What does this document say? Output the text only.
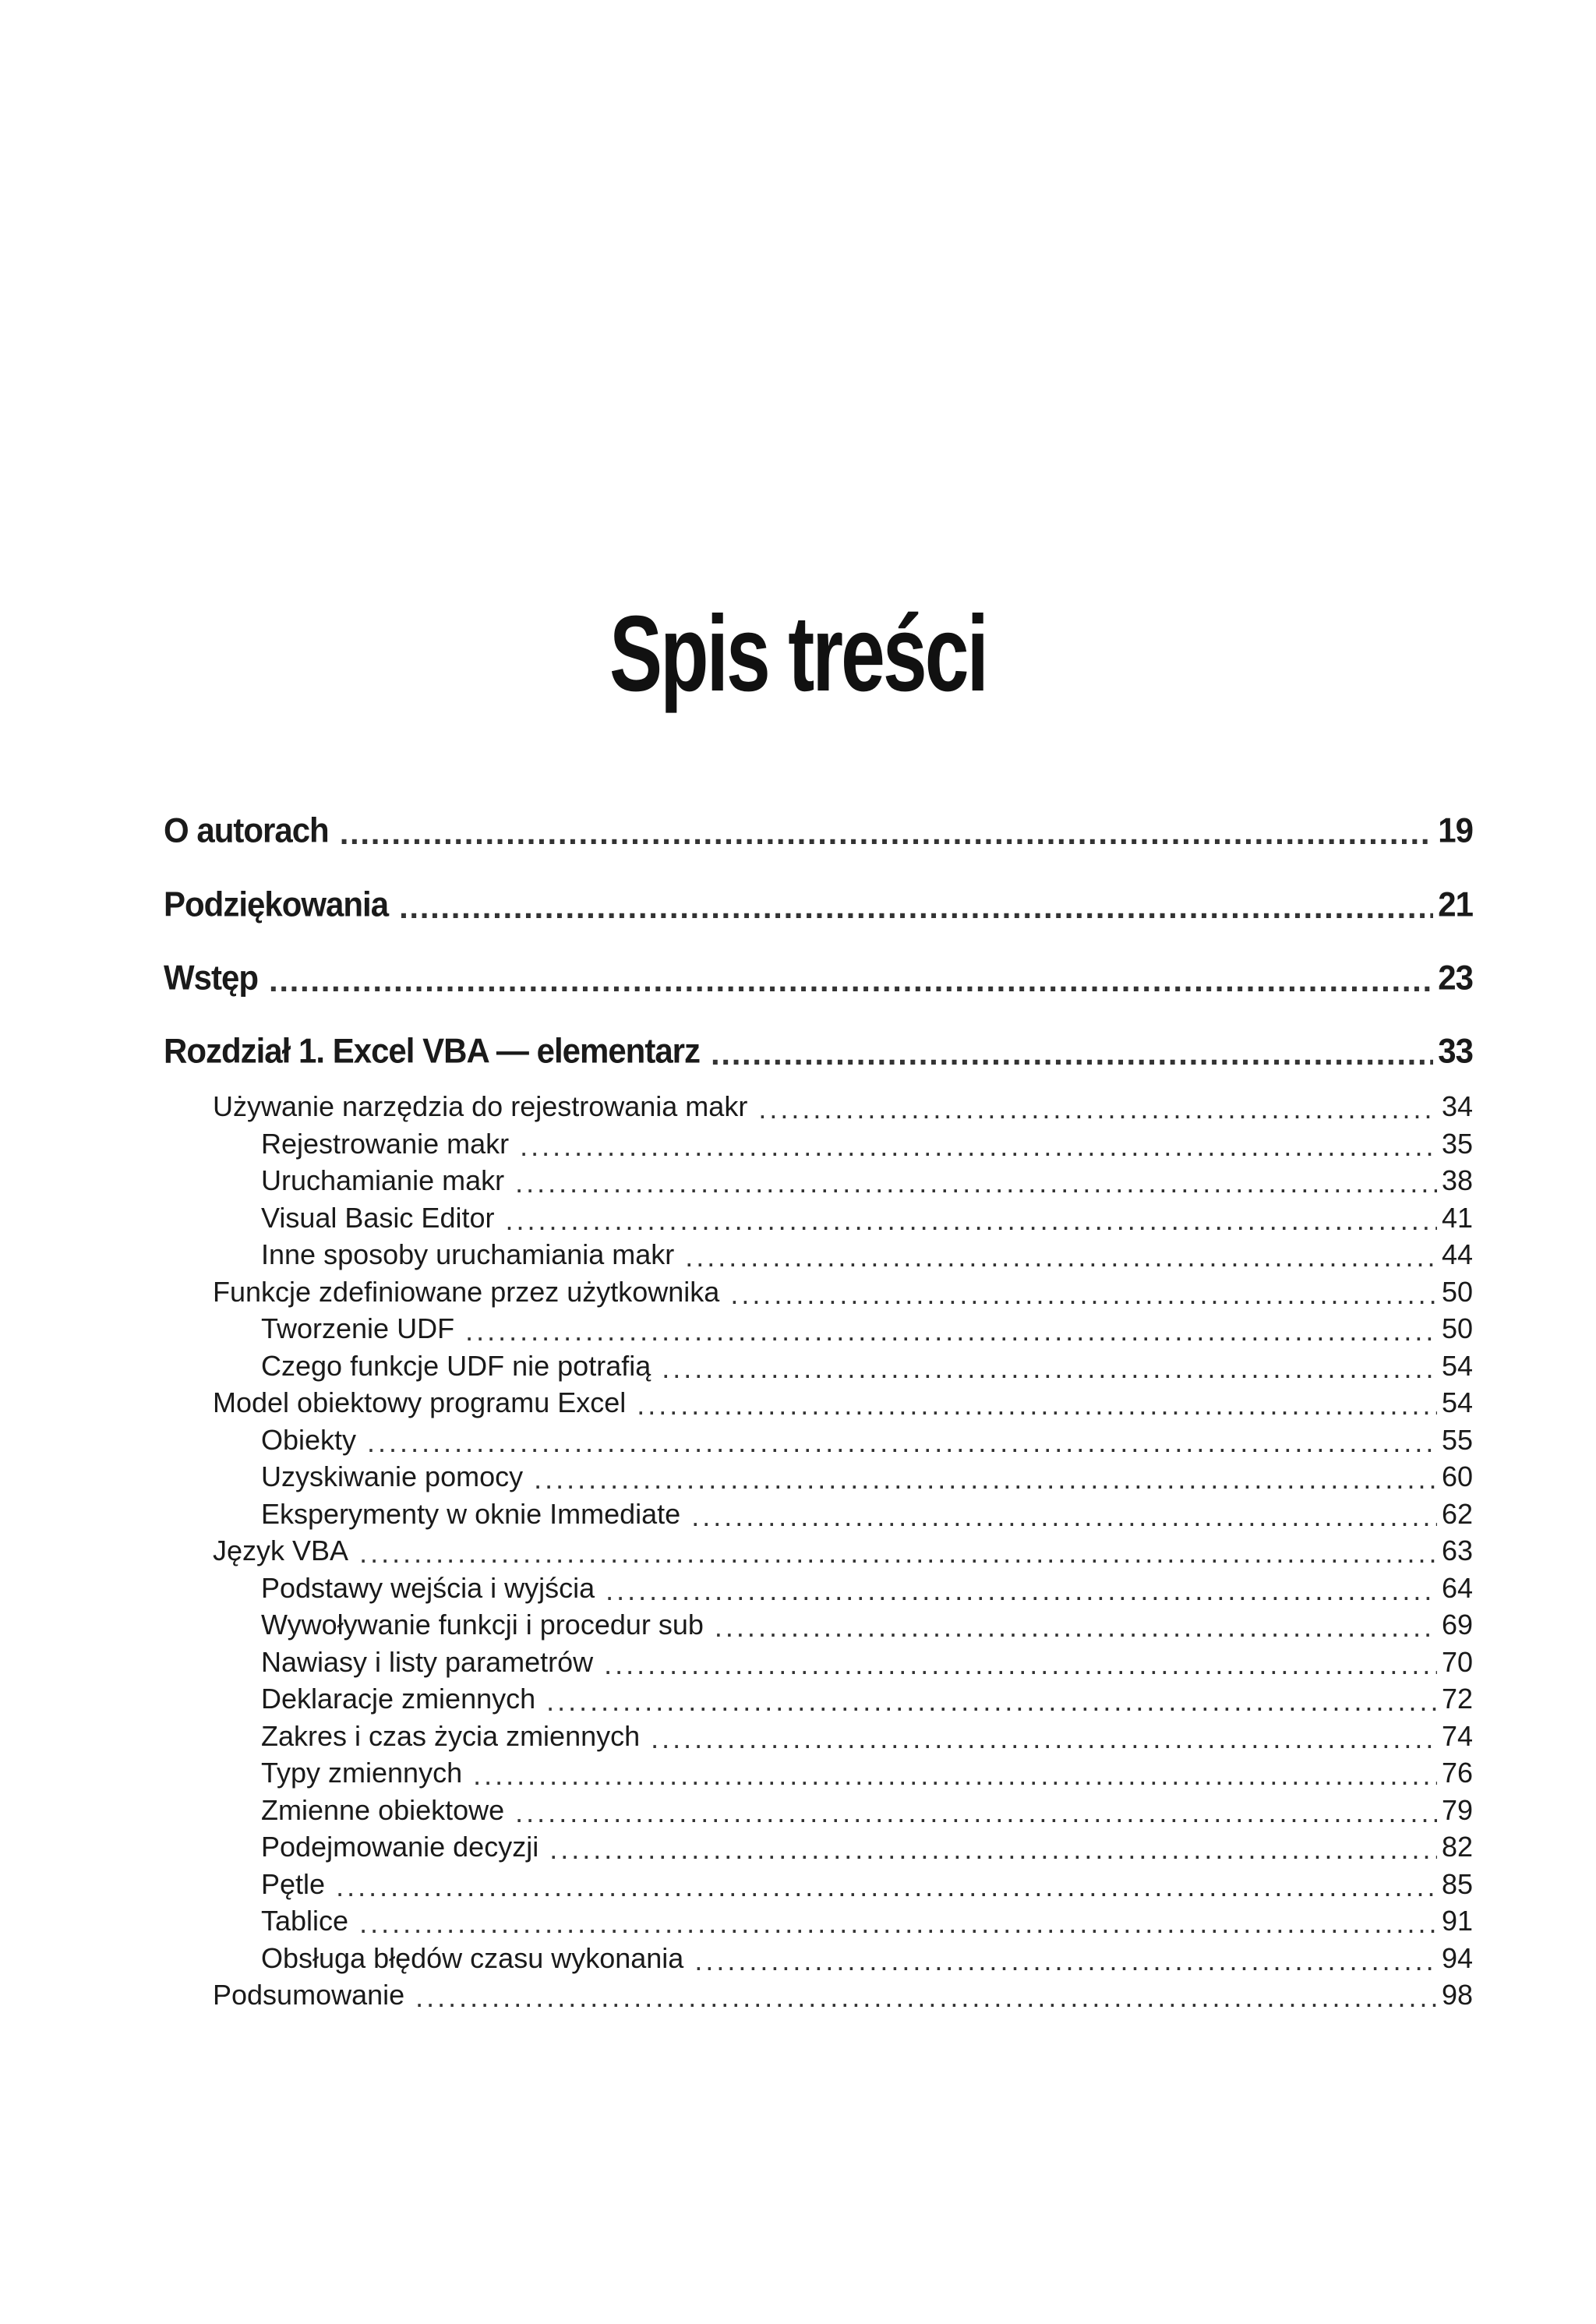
Spis treści
O autorach . . .	19
Podziękowania . . .	21
Wstęp . . .	23
Rozdział 1. Excel VBA — elementarz . . .	33
Używanie narzędzia do rejestrowania makr . . .	34
Rejestrowanie makr . . .	35
Uruchamianie makr . . .	38
Visual Basic Editor . . .	41
Inne sposoby uruchamiania makr . . .	44
Funkcje zdefiniowane przez użytkownika . . .	50
Tworzenie UDF . . .	50
Czego funkcje UDF nie potrafią . . .	54
Model obiektowy programu Excel . . .	54
Obiekty . . .	55
Uzyskiwanie pomocy . . .	60
Eksperymenty w oknie Immediate . . .	62
Język VBA . . .	63
Podstawy wejścia i wyjścia . . .	64
Wywoływanie funkcji i procedur sub . . .	69
Nawiasy i listy parametrów . . .	70
Deklaracje zmiennych . . .	72
Zakres i czas życia zmiennych . . .	74
Typy zmiennych . . .	76
Zmienne obiektowe . . .	79
Podejmowanie decyzji . . .	82
Pętle . . .	85
Tablice . . .	91
Obsługa błędów czasu wykonania . . .	94
Podsumowanie . . .	98
